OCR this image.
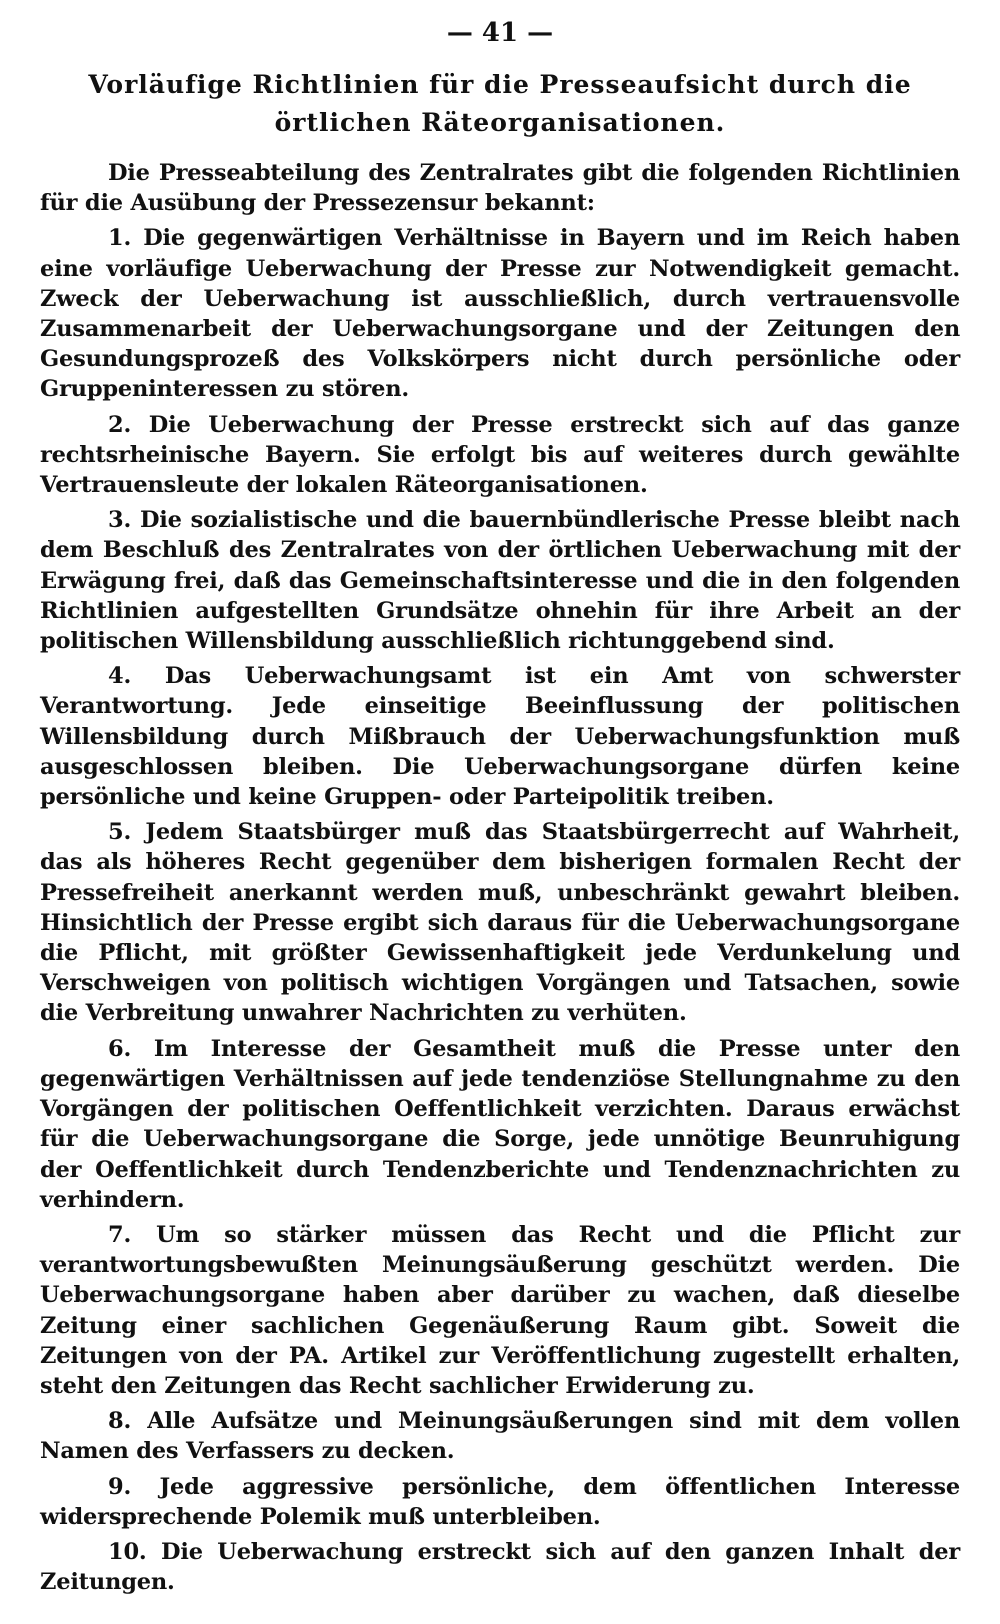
— 41 —
Vorläufige Richtlinien für die Presseaufsicht durch die örtlichen Räteorganisationen.

Die Presseabteilung des Zentralrates gibt die folgenden Richtlinien für die Ausübung der Pressezensur bekannt:

1. Die gegenwärtigen Verhältnisse in Bayern und im Reich haben eine vorläufige Ueberwachung der Presse zur Notwendigkeit gemacht. Zweck der Ueberwachung ist ausschließlich, durch vertrauensvolle Zusammenarbeit der Ueberwachungsorgane und der Zeitungen den Gesundungsprozeß des Volkskörpers nicht durch persönliche oder Gruppeninteressen zu stören.

2. Die Ueberwachung der Presse erstreckt sich auf das ganze rechtsrheinische Bayern. Sie erfolgt bis auf weiteres durch gewählte Vertrauensleute der lokalen Räteorganisationen.

3. Die sozialistische und die bauernbündlerische Presse bleibt nach dem Beschluß des Zentralrates von der örtlichen Ueberwachung mit der Erwägung frei, daß das Gemeinschaftsinteresse und die in den folgenden Richtlinien aufgestellten Grundsätze ohnehin für ihre Arbeit an der politischen Willensbildung ausschließlich richtunggebend sind.

4. Das Ueberwachungsamt ist ein Amt von schwerster Verantwortung. Jede einseitige Beeinflussung der politischen Willensbildung durch Mißbrauch der Ueberwachungsfunktion muß ausgeschlossen bleiben. Die Ueberwachungsorgane dürfen keine persönliche und keine Gruppen- oder Parteipolitik treiben.

5. Jedem Staatsbürger muß das Staatsbürgerrecht auf Wahrheit, das als höheres Recht gegenüber dem bisherigen formalen Recht der Pressefreiheit anerkannt werden muß, unbeschränkt gewahrt bleiben. Hinsichtlich der Presse ergibt sich daraus für die Ueberwachungsorgane die Pflicht, mit größter Gewissenhaftigkeit jede Verdunkelung und Verschweigen von politisch wichtigen Vorgängen und Tatsachen, sowie die Verbreitung unwahrer Nachrichten zu verhüten.

6. Im Interesse der Gesamtheit muß die Presse unter den gegenwärtigen Verhältnissen auf jede tendenziöse Stellungnahme zu den Vorgängen der politischen Oeffentlichkeit verzichten. Daraus erwächst für die Ueberwachungsorgane die Sorge, jede unnötige Beunruhigung der Oeffentlichkeit durch Tendenzberichte und Tendenznachrichten zu verhindern.

7. Um so stärker müssen das Recht und die Pflicht zur verantwortungsbewußten Meinungsäußerung geschützt werden. Die Ueberwachungsorgane haben aber darüber zu wachen, daß dieselbe Zeitung einer sachlichen Gegenäußerung Raum gibt. Soweit die Zeitungen von der PA. Artikel zur Veröffentlichung zugestellt erhalten, steht den Zeitungen das Recht sachlicher Erwiderung zu.

8. Alle Aufsätze und Meinungsäußerungen sind mit dem vollen Namen des Verfassers zu decken.

9. Jede aggressive persönliche, dem öffentlichen Interesse widersprechende Polemik muß unterbleiben.

10. Die Ueberwachung erstreckt sich auf den ganzen Inhalt der Zeitungen.
